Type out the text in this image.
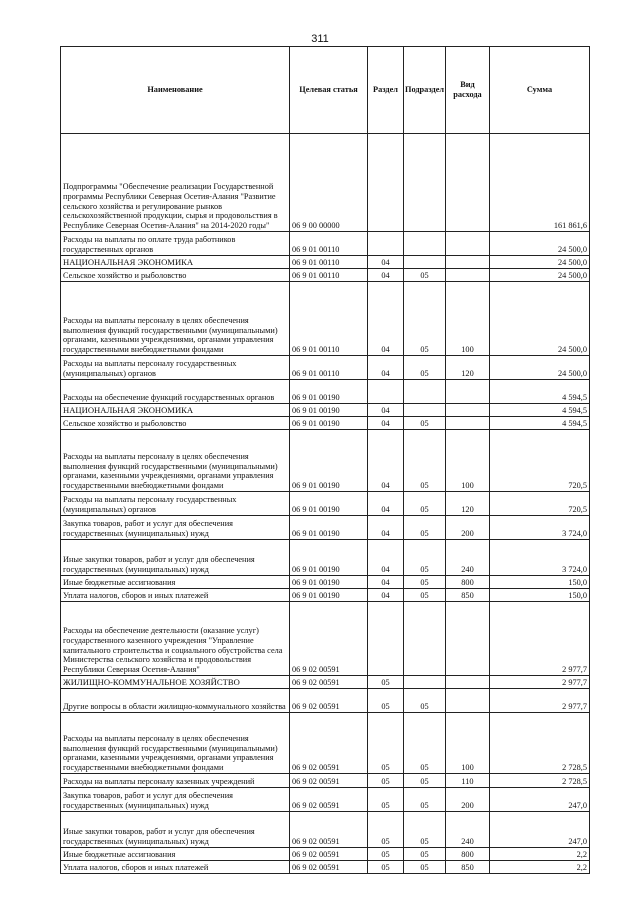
311
Наименование	Целевая статья	Раздел	Подраздел	Вид расхода	Сумма
Подпрограммы "Обеспечение реализации Государственной программы Республики Северная Осетия-Алания "Развитие сельского хозяйства и регулирование рынков сельскохозяйственной продукции, сырья и продовольствия в Республике Северная Осетия-Алания" на 2014-2020 годы"	06 9 00 00000				161 861,6
Расходы на выплаты по оплате труда работников государственных органов	06 9 01 00110				24 500,0
НАЦИОНАЛЬНАЯ ЭКОНОМИКА	06 9 01 00110	04			24 500,0
Сельское хозяйство и рыболовство	06 9 01 00110	04	05		24 500,0
Расходы на выплаты персоналу в целях обеспечения выполнения функций государственными (муниципальными) органами, казенными учреждениями, органами управления государственными внебюджетными фондами	06 9 01 00110	04	05	100	24 500,0
Расходы на выплаты персоналу государственных (муниципальных) органов	06 9 01 00110	04	05	120	24 500,0
Расходы на обеспечение функций государственных органов	06 9 01 00190				4 594,5
НАЦИОНАЛЬНАЯ ЭКОНОМИКА	06 9 01 00190	04			4 594,5
Сельское хозяйство и рыболовство	06 9 01 00190	04	05		4 594,5
Расходы на выплаты персоналу в целях обеспечения выполнения функций государственными (муниципальными) органами, казенными учреждениями, органами управления государственными внебюджетными фондами	06 9 01 00190	04	05	100	720,5
Расходы на выплаты персоналу государственных (муниципальных) органов	06 9 01 00190	04	05	120	720,5
Закупка товаров, работ и услуг для обеспечения государственных (муниципальных) нужд	06 9 01 00190	04	05	200	3 724,0
Иные закупки товаров, работ и услуг для обеспечения государственных (муниципальных) нужд	06 9 01 00190	04	05	240	3 724,0
Иные бюджетные ассигнования	06 9 01 00190	04	05	800	150,0
Уплата налогов, сборов и иных платежей	06 9 01 00190	04	05	850	150,0
Расходы на обеспечение деятельности (оказание услуг) государственного казенного учреждения "Управление капитального строительства и социального обустройства села Министерства сельского хозяйства и продовольствия Республики Северная Осетия-Алания"	06 9 02 00591				2 977,7
ЖИЛИЩНО-КОММУНАЛЬНОЕ ХОЗЯЙСТВО	06 9 02 00591	05			2 977,7
Другие вопросы в области жилищно-коммунального хозяйства	06 9 02 00591	05	05		2 977,7
Расходы на выплаты персоналу в целях обеспечения выполнения функций государственными (муниципальными) органами, казенными учреждениями, органами управления государственными внебюджетными фондами	06 9 02 00591	05	05	100	2 728,5
Расходы на выплаты персоналу казенных учреждений	06 9 02 00591	05	05	110	2 728,5
Закупка товаров, работ и услуг для обеспечения государственных (муниципальных) нужд	06 9 02 00591	05	05	200	247,0
Иные закупки товаров, работ и услуг для обеспечения государственных (муниципальных) нужд	06 9 02 00591	05	05	240	247,0
Иные бюджетные ассигнования	06 9 02 00591	05	05	800	2,2
Уплата налогов, сборов и иных платежей	06 9 02 00591	05	05	850	2,2
